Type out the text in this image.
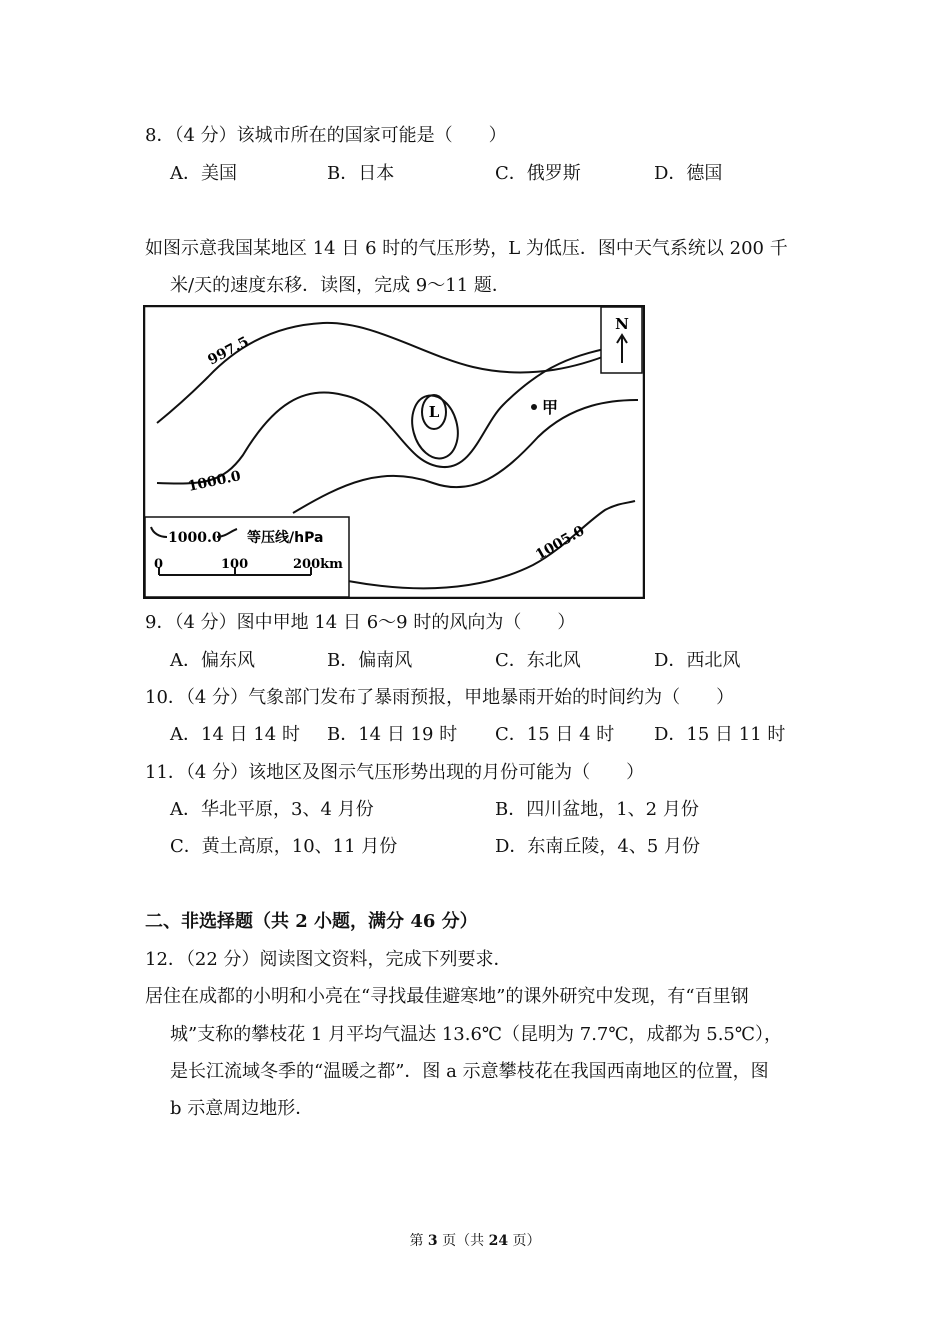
8．（4 分）该城市所在的国家可能是（　　）
A．美国	B．日本	C．俄罗斯	D．德国
如图示意我国某地区 14 日 6 时的气压形势，L 为低压．图中天气系统以 200 千
米/天的速度东移．读图，完成 9～11 题．
L	甲
997.5
1000.0
1005.0
N
1000.0 等压线/hPa
0	100	200km
9．（4 分）图中甲地 14 日 6～9 时的风向为（　　）
A．偏东风	B．偏南风	C．东北风	D．西北风
10．（4 分）气象部门发布了暴雨预报，甲地暴雨开始的时间约为（　　）
A．14 日 14 时 B．14 日 19 时 C．15 日 4 时 D．15 日 11 时
11．（4 分）该地区及图示气压形势出现的月份可能为（　　）
A．华北平原，3、4 月份	B．四川盆地，1、2 月份
C．黄土高原，10、11 月份	D．东南丘陵，4、5 月份
二、非选择题（共 2 小题，满分 46 分）
12．（22 分）阅读图文资料，完成下列要求．
居住在成都的小明和小亮在“寻找最佳避寒地”的课外研究中发现，有“百里钢
城”支称的攀枝花 1 月平均气温达 13.6℃（昆明为 7.7℃，成都为 5.5℃），
是长江流域冬季的“温暖之都”．图 a 示意攀枝花在我国西南地区的位置，图
b 示意周边地形．
第 3 页（共 24 页）
